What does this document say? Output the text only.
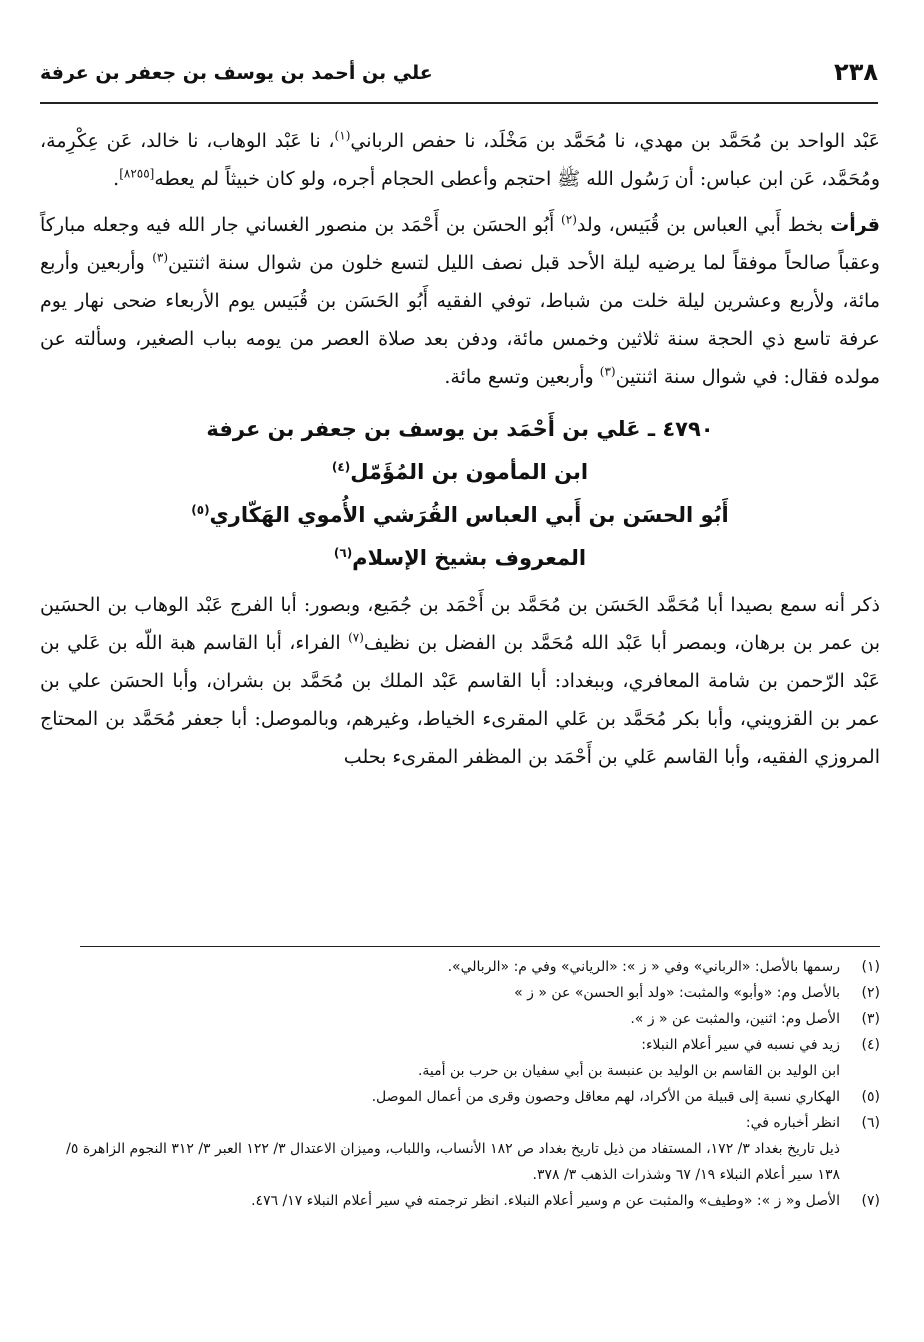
٢٣٨
علي بن أحمد بن يوسف بن جعفر بن عرفة

عَبْد الواحد بن مُحَمَّد بن مهدي، نا مُحَمَّد بن مَخْلَد، نا حفص الرباني$^{(١)}$، نا عَبْد الوهاب، نا خالد، عَن عِكْرِمة، ومُحَمَّد، عَن ابن عباس: أن رَسُول الله ﷺ احتجم وأعطى الحجام أجره، ولو كان خبيثاً لم يعطه[٨٢٥٥].

قرأت بخط أَبي العباس بن قُبَيس، ولد$^{(٢)}$ أَبُو الحسَن بن أَحْمَد بن منصور الغساني جار الله فيه وجعله مباركاً وعقباً صالحاً موفقاً لما يرضيه ليلة الأحد قبل نصف الليل لتسع خلون من شوال سنة اثنتين$^{(٣)}$ وأربعين وأربع مائة، ولأربع وعشرين ليلة خلت من شباط، توفي الفقيه أَبُو الحَسَن بن قُبَيس يوم الأربعاء ضحى نهار يوم عرفة تاسع ذي الحجة سنة ثلاثين وخمس مائة، ودفن بعد صلاة العصر من يومه بباب الصغير، وسألته عن مولده فقال: في شوال سنة اثنتين$^{(٣)}$ وأربعين وتسع مائة.

٤٧٩٠ ـ عَلي بن أَحْمَد بن يوسف بن جعفر بن عرفة
ابن المأمون بن المُؤَمّل$^{(٤)}$
أَبُو الحسَن بن أَبي العباس القُرَشي الأُموي الهَكّاري$^{(٥)}$
المعروف بشيخ الإسلام$^{(٦)}$

ذكر أنه سمع بصيدا أبا مُحَمَّد الحَسَن بن مُحَمَّد بن أَحْمَد بن جُمَيع، وبصور: أبا الفرج عَبْد الوهاب بن الحسَين بن عمر بن برهان، وبمصر أبا عَبْد الله مُحَمَّد بن الفضل بن نظيف$^{(٧)}$ الفراء، أبا القاسم هبة اللّه بن عَلي بن عَبْد الرّحمن بن شامة المعافري، وببغداد: أبا القاسم عَبْد الملك بن مُحَمَّد بن بشران، وأبا الحسَن علي بن عمر بن القزويني، وأبا بكر مُحَمَّد بن عَلي المقرىء الخياط، وغيرهم، وبالموصل: أبا جعفر مُحَمَّد بن المحتاج المروزي الفقيه، وأبا القاسم عَلي بن أَحْمَد بن المظفر المقرىء بحلب

(١)
رسمها بالأصل: «الرباني» وفي « ز »: «الرياني» وفي م: «الربالي».
(٢)
بالأصل وم: «وأبو» والمثبت: «ولد أبو الحسن» عن « ز »
(٣)
الأصل وم: اثنين، والمثبت عن « ز ».
(٤)
زيد في نسبه في سير أعلام النبلاء:
ابن الوليد بن القاسم بن الوليد بن عنبسة بن أبي سفيان بن حرب بن أمية.
(٥)
الهكاري نسبة إلى قبيلة من الأكراد، لهم معاقل وحصون وقرى من أعمال الموصل.
(٦)
انظر أخباره في:
ذيل تاريخ بغداد ٣/ ١٧٢، المستفاد من ذيل تاريخ بغداد ص ١٨٢ الأنساب، واللباب، وميزان الاعتدال ٣/ ١٢٢ العبر ٣/ ٣١٢ النجوم الزاهرة ٥/ ١٣٨ سير أعلام النبلاء ١٩/ ٦٧ وشذرات الذهب ٣/ ٣٧٨.
(٧)
الأصل و« ز »: «وطيف» والمثبت عن م وسير أعلام النبلاء. انظر ترجمته في سير أعلام النبلاء ١٧/ ٤٧٦.
